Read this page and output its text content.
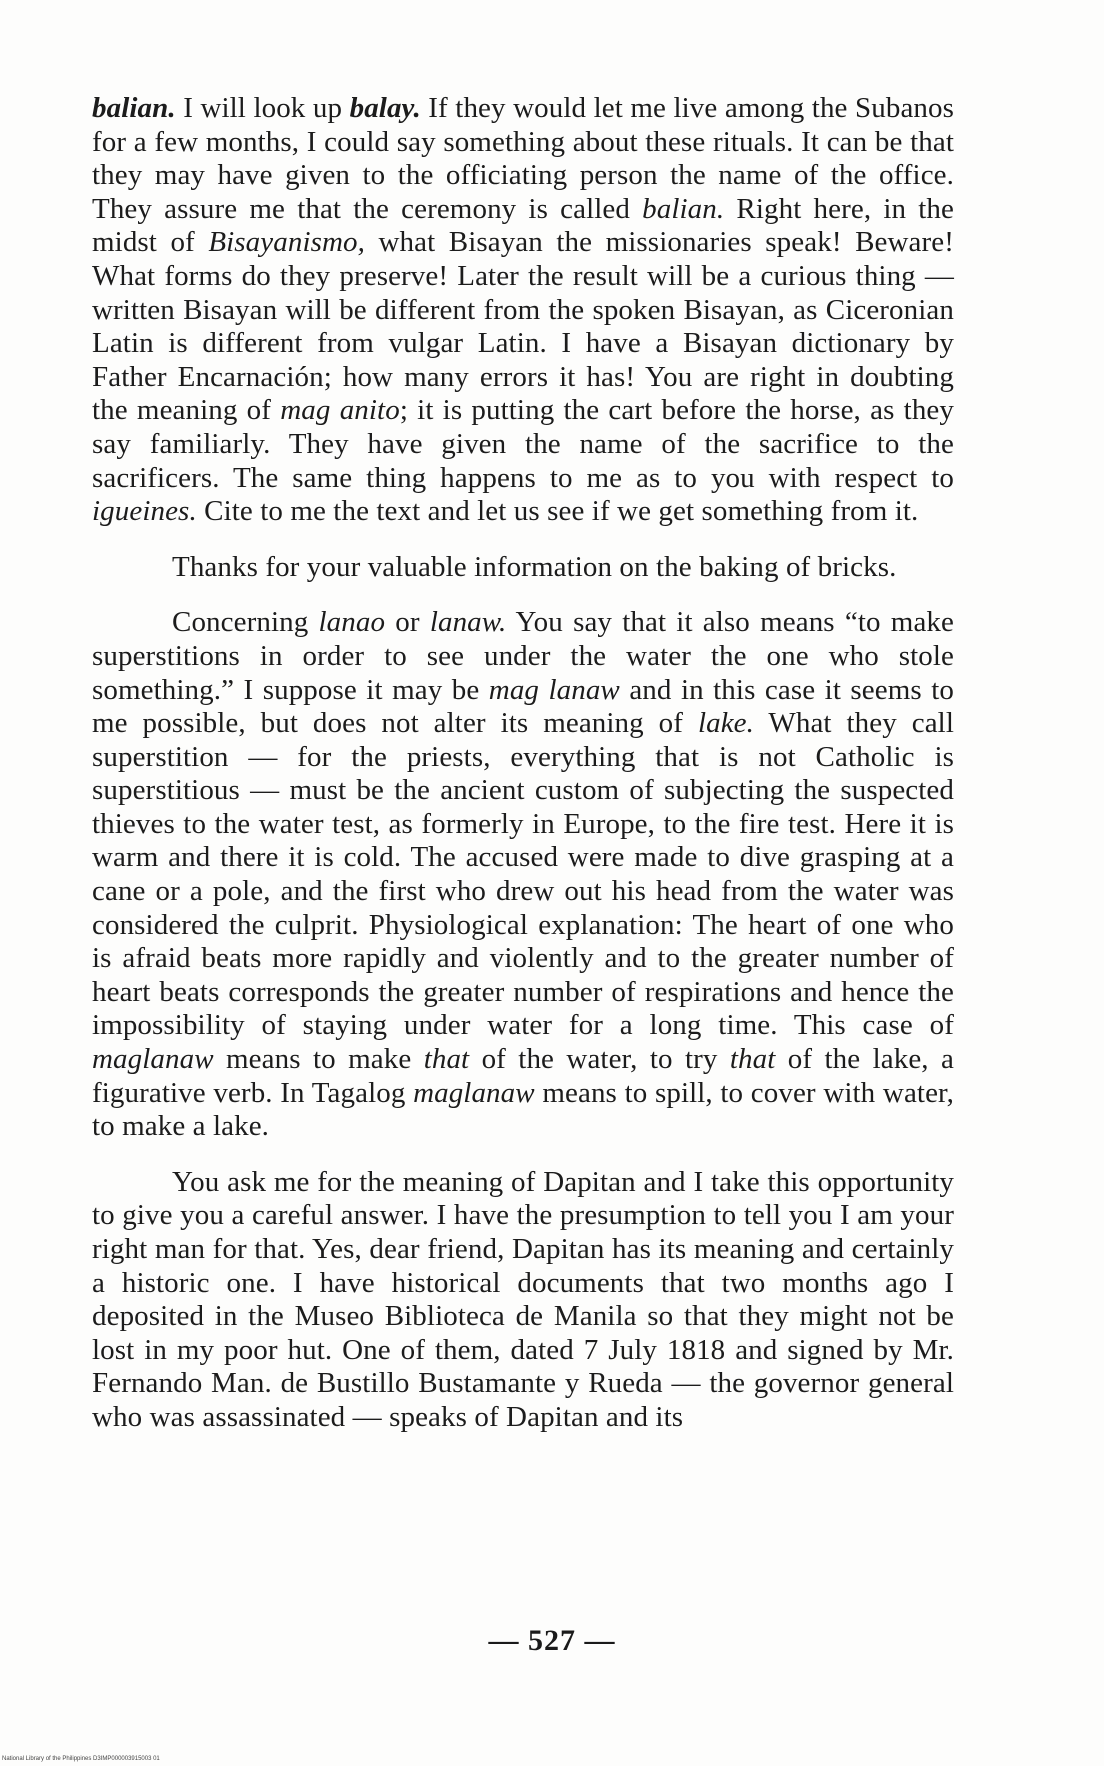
balian. I will look up balay. If they would let me live among the Subanos for a few months, I could say something about these rituals. It can be that they may have given to the officiating person the name of the office. They assure me that the ceremony is called balian. Right here, in the midst of Bisayanismo, what Bisayan the missionaries speak! Beware! What forms do they preserve! Later the result will be a curious thing — written Bisayan will be different from the spoken Bisayan, as Ciceronian Latin is different from vulgar Latin. I have a Bisayan dictionary by Father Encarnación; how many errors it has! You are right in doubting the meaning of mag anito; it is putting the cart before the horse, as they say familiarly. They have given the name of the sacrifice to the sacrificers. The same thing happens to me as to you with respect to igueines. Cite to me the text and let us see if we get something from it.

Thanks for your valuable information on the baking of bricks.

Concerning lanao or lanaw. You say that it also means “to make superstitions in order to see under the water the one who stole something.” I suppose it may be mag lanaw and in this case it seems to me possible, but does not alter its meaning of lake. What they call superstition — for the priests, everything that is not Catholic is superstitious — must be the ancient custom of subjecting the suspected thieves to the water test, as formerly in Europe, to the fire test. Here it is warm and there it is cold. The accused were made to dive grasping at a cane or a pole, and the first who drew out his head from the water was considered the culprit. Physiological explanation: The heart of one who is afraid beats more rapidly and violently and to the greater number of heart beats corresponds the greater number of respirations and hence the impossibility of staying under water for a long time. This case of maglanaw means to make that of the water, to try that of the lake, a figurative verb. In Tagalog maglanaw means to spill, to cover with water, to make a lake.

You ask me for the meaning of Dapitan and I take this opportunity to give you a careful answer. I have the presumption to tell you I am your right man for that. Yes, dear friend, Dapitan has its meaning and certainly a historic one. I have historical documents that two months ago I deposited in the Museo Biblioteca de Manila so that they might not be lost in my poor hut. One of them, dated 7 July 1818 and signed by Mr. Fernando Man. de Bustillo Bustamante y Rueda — the governor general who was assassinated — speaks of Dapitan and its

— 527 —
National Library of the Philippines D3IMP000003915003 01
